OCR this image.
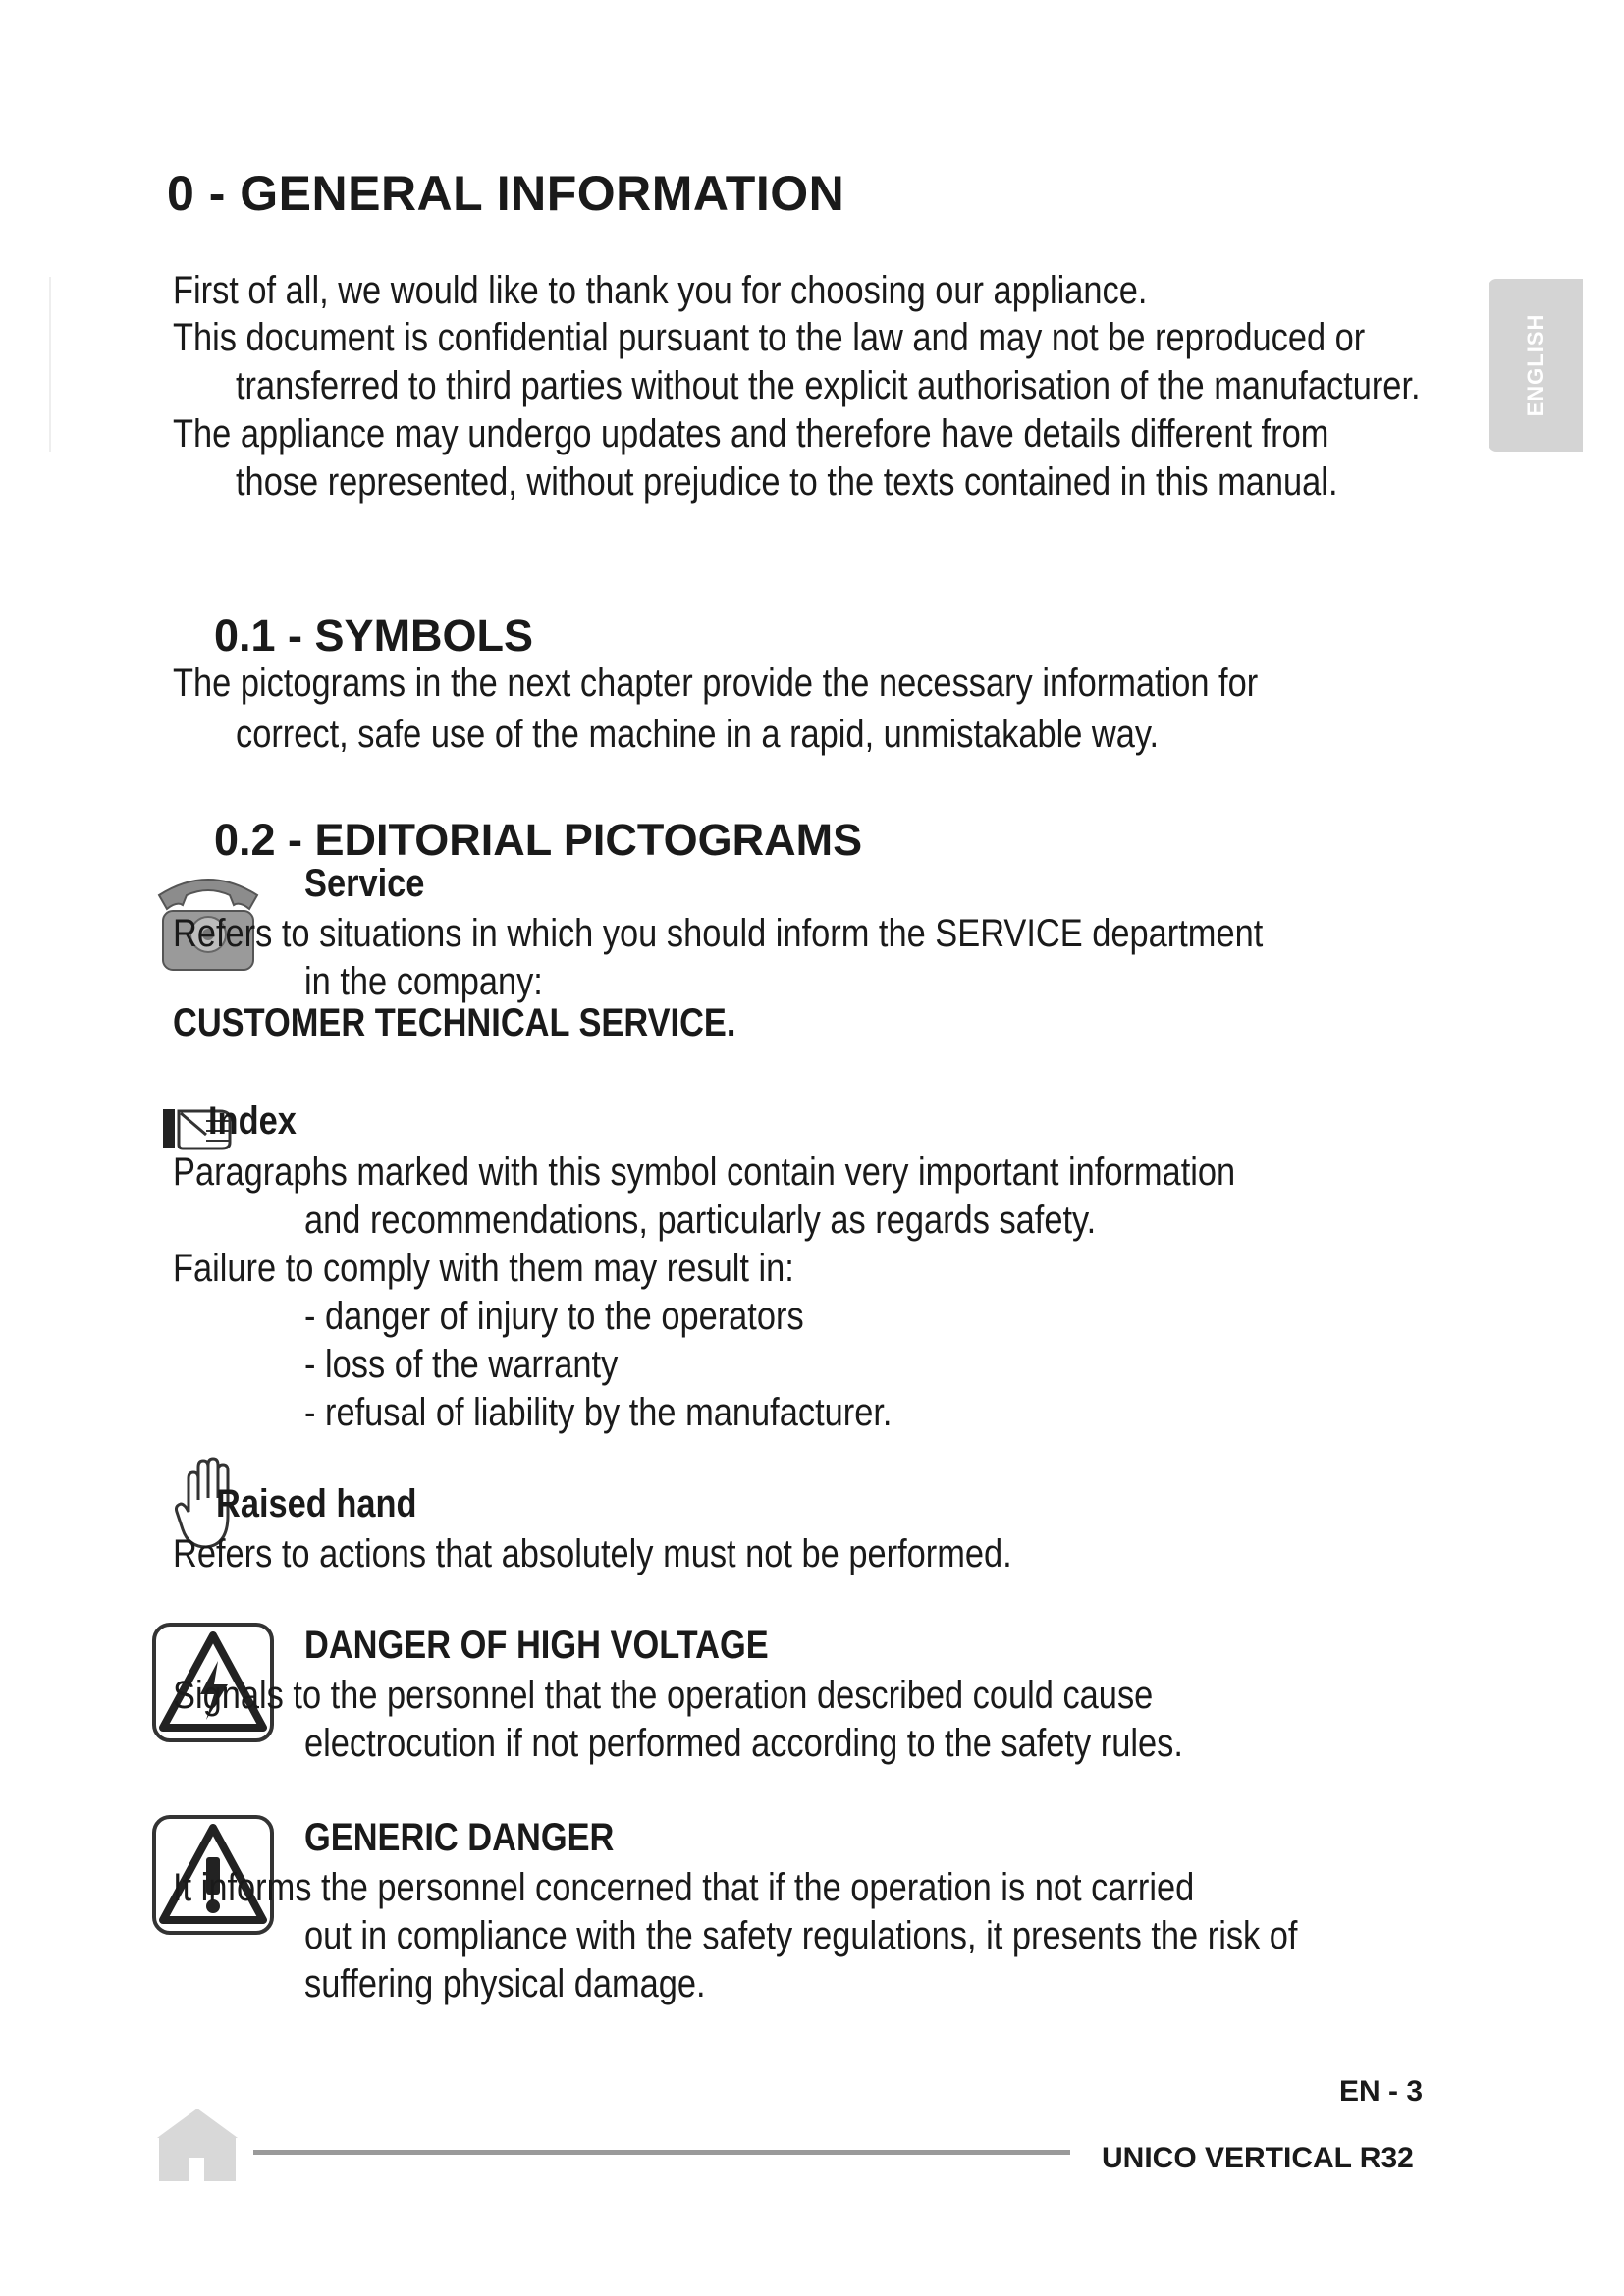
ENGLISH
0 - GENERAL INFORMATION
First of all, we would like to thank you for choosing our appliance.
This document is confidential pursuant to the law and may not be reproduced or
transferred to third parties without the explicit authorisation of the manufacturer.
The appliance may undergo updates and therefore have details different from
those represented, without prejudice to the texts contained in this manual.
0.1 - SYMBOLS
The pictograms in the next chapter provide the necessary information for
correct, safe use of the machine in a rapid, unmistakable way.
0.2 - EDITORIAL PICTOGRAMS
Service
Refers to situations in which you should inform the SERVICE department
in the company:
CUSTOMER TECHNICAL SERVICE.
Index
Paragraphs marked with this symbol contain very important information
and recommendations, particularly as regards safety.
Failure to comply with them may result in:
- danger of injury to the operators
- loss of the warranty
- refusal of liability by the manufacturer.
Raised hand
Refers to actions that absolutely must not be performed.
DANGER OF HIGH VOLTAGE
Signals to the personnel that the operation described could cause
electrocution if not performed according to the safety rules.
GENERIC DANGER
It informs the personnel concerned that if the operation is not carried
out in compliance with the safety regulations, it presents the risk of
suffering physical damage.
EN - 3
UNICO VERTICAL R32
